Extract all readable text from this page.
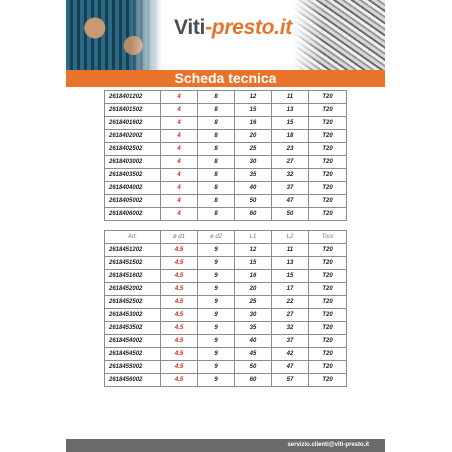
Viti-presto.it
Scheda tecnica
2618401202	4	8	12	11	T20
2618401502	4	8	15	13	T20
2618401602	4	8	16	15	T20
2618402002	4	8	20	18	T20
2618402502	4	8	25	23	T20
2618403002	4	8	30	27	T20
2618403502	4	8	35	32	T20
2618404002	4	8	40	37	T20
2618405002	4	8	50	47	T20
2618406002	4	8	60	50	T20
Art.	ø d1	ø d2	L1	L2	Torx
2618451202	4.5	9	12	11	T20
2618451502	4.5	9	15	13	T20
2618451602	4.5	9	16	15	T20
2618452002	4.5	9	20	17	T20
2618452502	4.5	9	25	22	T20
2618453002	4.5	9	30	27	T20
2618453502	4.5	9	35	32	T20
2618454002	4.5	9	40	37	T20
2618454502	4.5	9	45	42	T20
2618455002	4.5	9	50	47	T20
2618456002	4.5	9	60	57	T20
servizio.clienti@viti-presto.it
